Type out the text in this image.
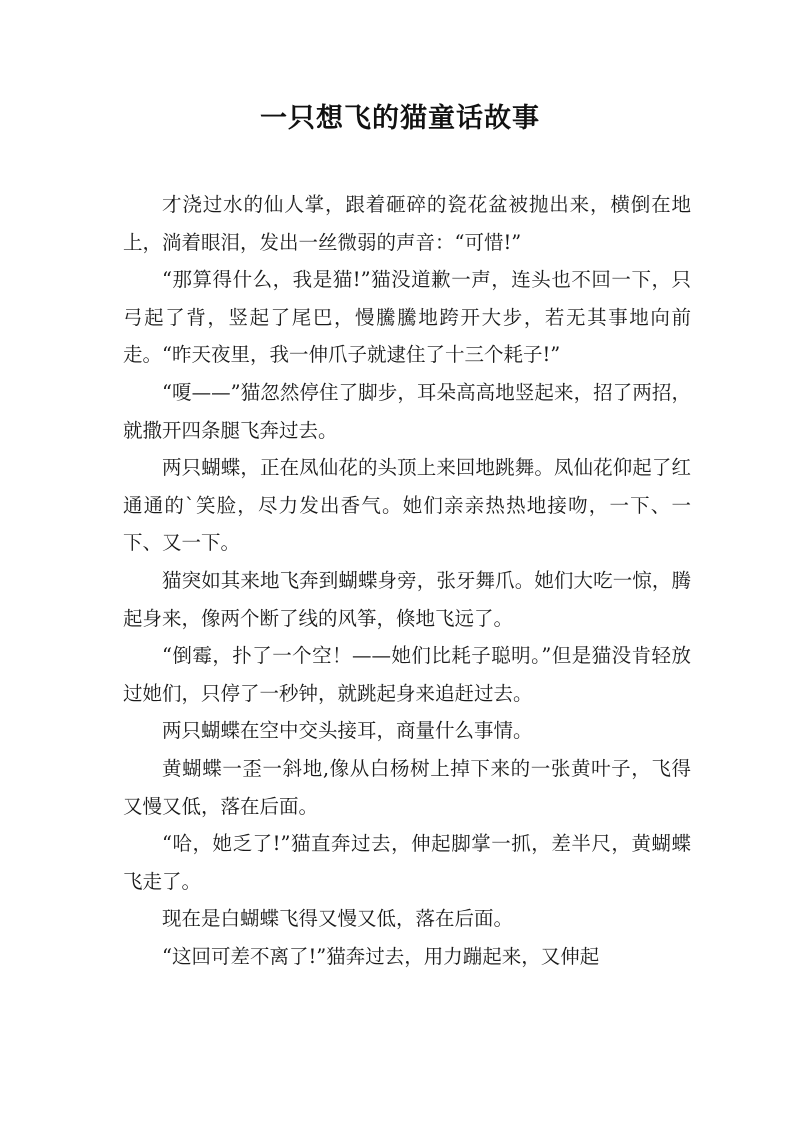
一只想飞的猫童话故事

才浇过水的仙人掌，跟着砸碎的瓷花盆被抛出来，横倒在地上，淌着眼泪，发出一丝微弱的声音：“可惜!”

“那算得什么，我是猫!”猫没道歉一声，连头也不回一下，只弓起了背，竖起了尾巴，慢騰騰地跨开大步，若无其事地向前走。“昨天夜里，我一伸爪子就逮住了十三个耗子!”

“嗄——”猫忽然停住了脚步，耳朵高高地竖起来，招了两招，就撒开四条腿飞奔过去。

两只蝴蝶，正在凤仙花的头顶上来回地跳舞。凤仙花仰起了红通通的`笑脸，尽力发出香气。她们亲亲热热地接吻，一下、一下、又一下。

猫突如其来地飞奔到蝴蝶身旁，张牙舞爪。她们大吃一惊，腾起身来，像两个断了线的风筝，倏地飞远了。

“倒霉，扑了一个空！——她们比耗子聪明。”但是猫没肯轻放过她们，只停了一秒钟，就跳起身来追赶过去。

两只蝴蝶在空中交头接耳，商量什么事情。

黄蝴蝶一歪一斜地,像从白杨树上掉下来的一张黄叶子，飞得又慢又低，落在后面。

“哈，她乏了!”猫直奔过去，伸起脚掌一抓，差半尺，黄蝴蝶飞走了。

现在是白蝴蝶飞得又慢又低，落在后面。

“这回可差不离了!”猫奔过去，用力蹦起来，又伸起
